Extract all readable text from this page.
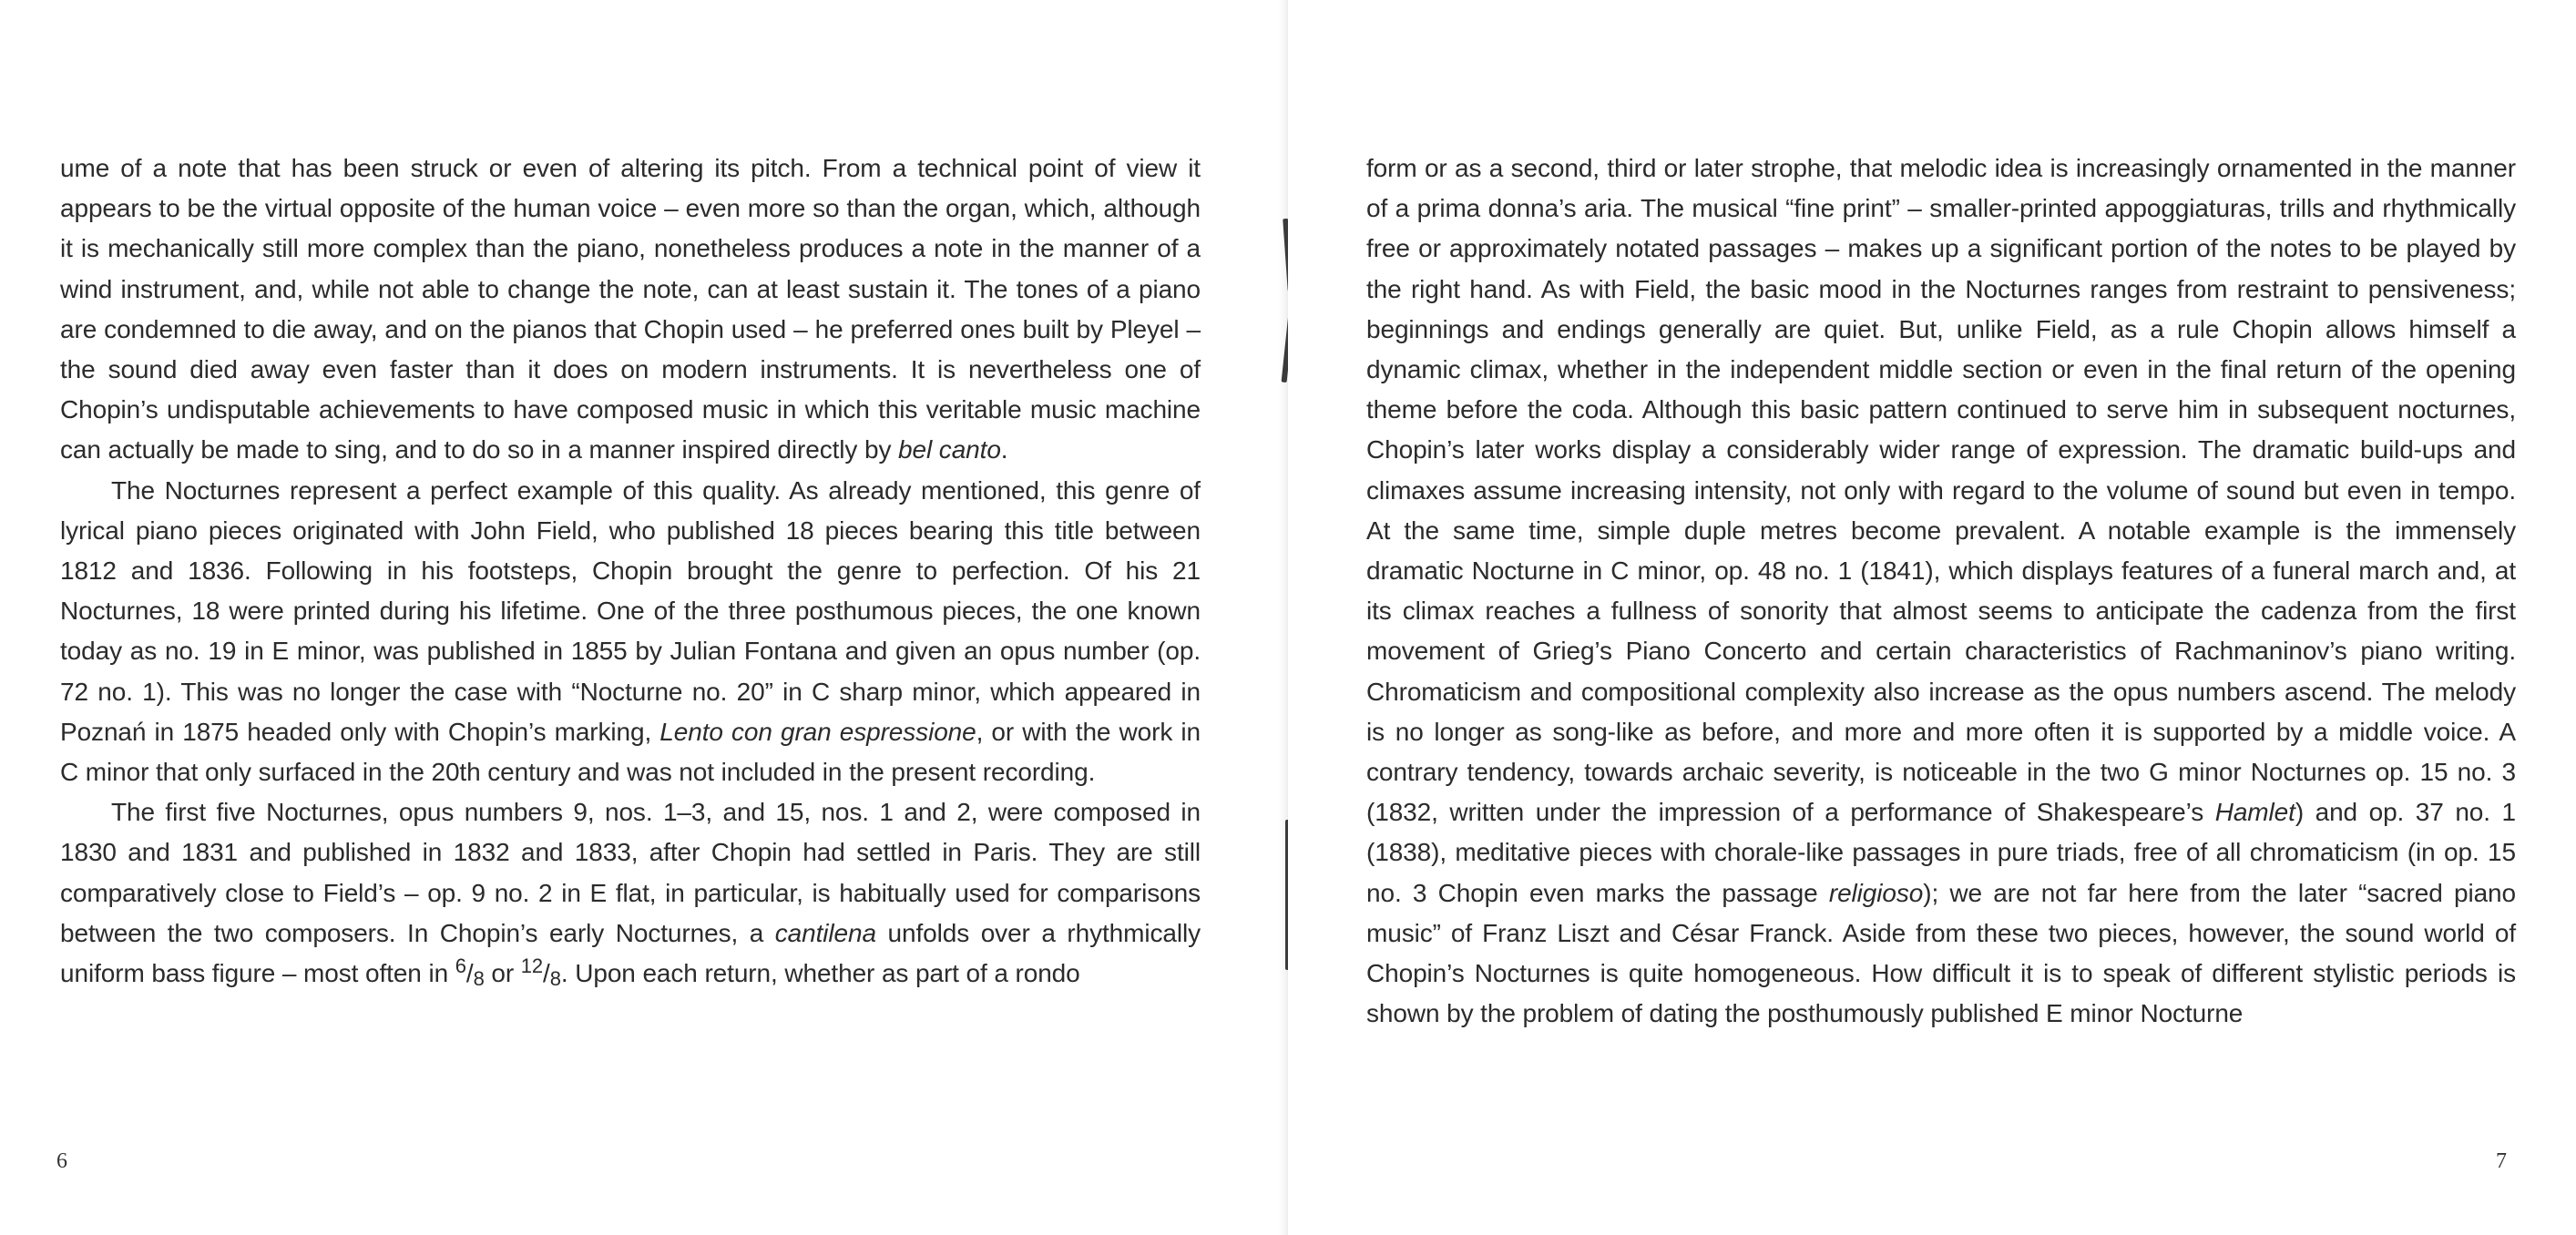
ume of a note that has been struck or even of altering its pitch. From a technical point of view it appears to be the virtual opposite of the human voice – even more so than the organ, which, although it is mechanically still more complex than the piano, nonetheless produces a note in the manner of a wind instrument, and, while not able to change the note, can at least sustain it. The tones of a piano are condemned to die away, and on the pianos that Chopin used – he preferred ones built by Pleyel – the sound died away even faster than it does on modern instruments. It is nevertheless one of Chopin’s undisputable achievements to have composed music in which this veritable music machine can actually be made to sing, and to do so in a manner inspired directly by bel canto.

The Nocturnes represent a perfect example of this quality. As already mentioned, this genre of lyrical piano pieces originated with John Field, who published 18 pieces bearing this title between 1812 and 1836. Following in his footsteps, Chopin brought the genre to perfection. Of his 21 Nocturnes, 18 were printed during his lifetime. One of the three posthumous pieces, the one known today as no. 19 in E minor, was published in 1855 by Julian Fontana and given an opus number (op. 72 no. 1). This was no longer the case with “Nocturne no. 20” in C sharp minor, which appeared in Poznań in 1875 headed only with Chopin’s marking, Lento con gran espressione, or with the work in C minor that only surfaced in the 20th century and was not included in the present recording.

The first five Nocturnes, opus numbers 9, nos. 1–3, and 15, nos. 1 and 2, were composed in 1830 and 1831 and published in 1832 and 1833, after Chopin had settled in Paris. They are still comparatively close to Field’s – op. 9 no. 2 in E flat, in particular, is habitually used for comparisons between the two composers. In Chopin’s early Nocturnes, a cantilena unfolds over a rhythmically uniform bass figure – most often in $^6/_8$ or $^{12}/_8$. Upon each return, whether as part of a rondo

6

form or as a second, third or later strophe, that melodic idea is increasingly ornamented in the manner of a prima donna’s aria. The musical “fine print” – smaller-printed appoggiaturas, trills and rhythmically free or approximately notated passages – makes up a significant portion of the notes to be played by the right hand. As with Field, the basic mood in the Nocturnes ranges from restraint to pensiveness; beginnings and endings generally are quiet. But, unlike Field, as a rule Chopin allows himself a dynamic climax, whether in the independent middle section or even in the final return of the opening theme before the coda. Although this basic pattern continued to serve him in subsequent nocturnes, Chopin’s later works display a considerably wider range of expression. The dramatic build-ups and climaxes assume increasing intensity, not only with regard to the volume of sound but even in tempo. At the same time, simple duple metres become prevalent. A notable example is the immensely dramatic Nocturne in C minor, op. 48 no. 1 (1841), which displays features of a funeral march and, at its climax reaches a fullness of sonority that almost seems to anticipate the cadenza from the first movement of Grieg’s Piano Concerto and certain characteristics of Rachmaninov’s piano writing. Chromaticism and compositional complexity also increase as the opus numbers ascend. The melody is no longer as song-like as before, and more and more often it is supported by a middle voice. A contrary tendency, towards archaic severity, is noticeable in the two G minor Nocturnes op. 15 no. 3 (1832, written under the impression of a performance of Shakespeare’s Hamlet) and op. 37 no. 1 (1838), meditative pieces with chorale-like passages in pure triads, free of all chromaticism (in op. 15 no. 3 Chopin even marks the passage religioso); we are not far here from the later “sacred piano music” of Franz Liszt and César Franck. Aside from these two pieces, however, the sound world of Chopin’s Nocturnes is quite homogeneous. How difficult it is to speak of different stylistic periods is shown by the problem of dating the posthumously published E minor Nocturne

7
